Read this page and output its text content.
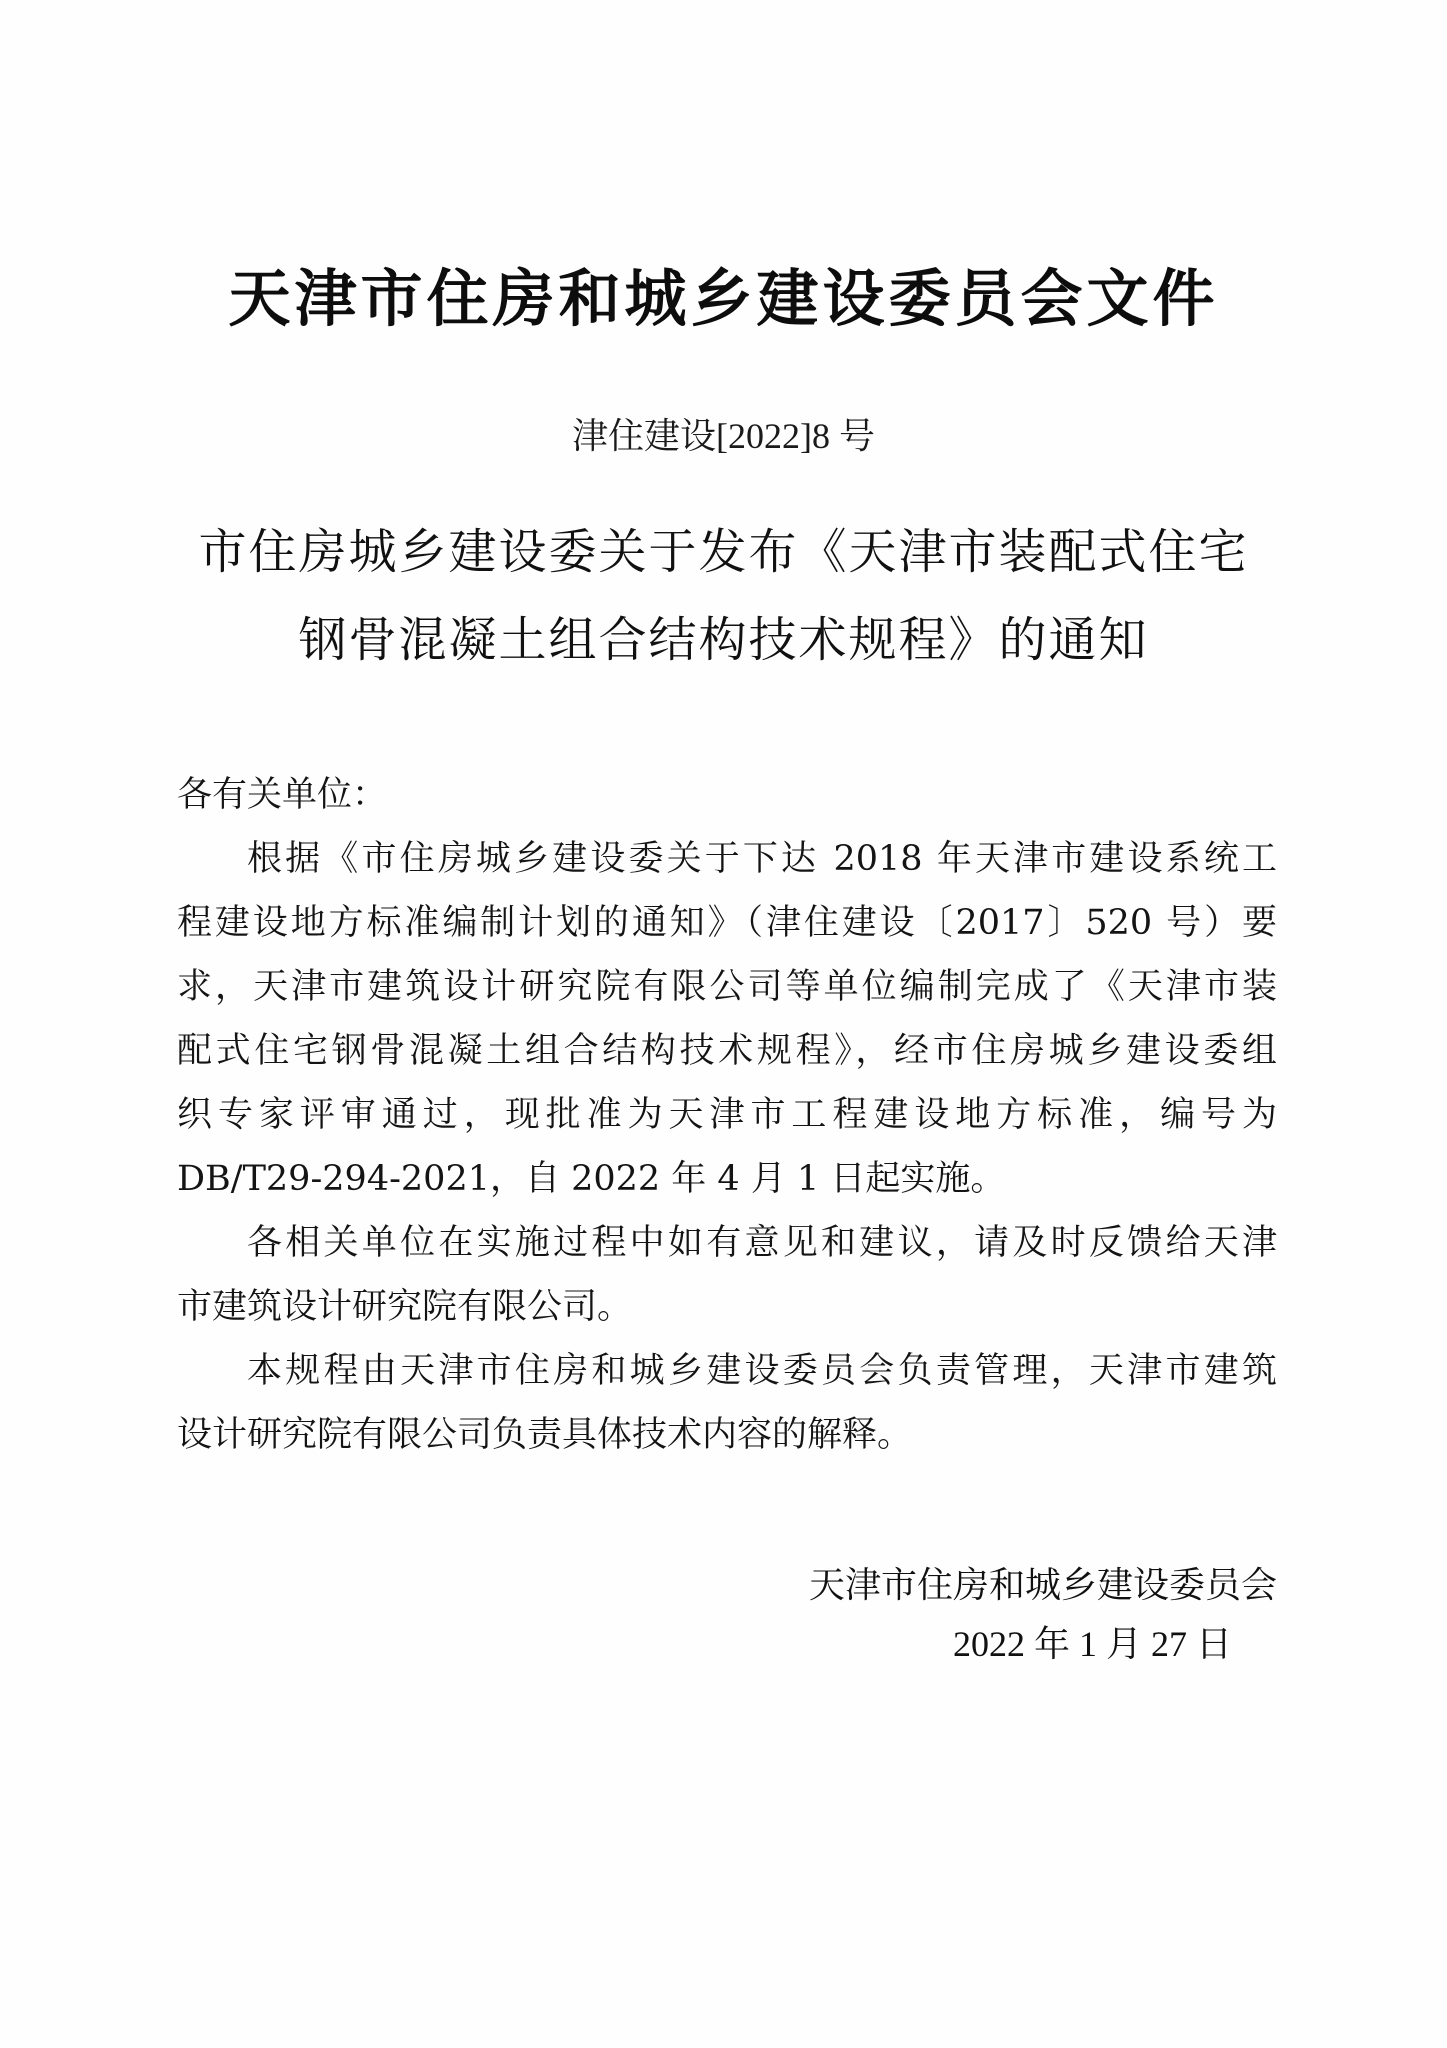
天津市住房和城乡建设委员会文件
津住建设[2022]8 号
市住房城乡建设委关于发布《天津市装配式住宅
钢骨混凝土组合结构技术规程》的通知
各有关单位：
根据《市住房城乡建设委关于下达 2018 年天津市建设系统工
程建设地方标准编制计划的通知》（津住建设〔2017〕520 号）要
求，天津市建筑设计研究院有限公司等单位编制完成了《天津市装
配式住宅钢骨混凝土组合结构技术规程》，经市住房城乡建设委组
织专家评审通过，现批准为天津市工程建设地方标准，编号为
DB/T29-294-2021，自 2022 年 4 月 1 日起实施。
各相关单位在实施过程中如有意见和建议，请及时反馈给天津
市建筑设计研究院有限公司。
本规程由天津市住房和城乡建设委员会负责管理，天津市建筑
设计研究院有限公司负责具体技术内容的解释。
天津市住房和城乡建设委员会
2022 年 1 月 27 日
